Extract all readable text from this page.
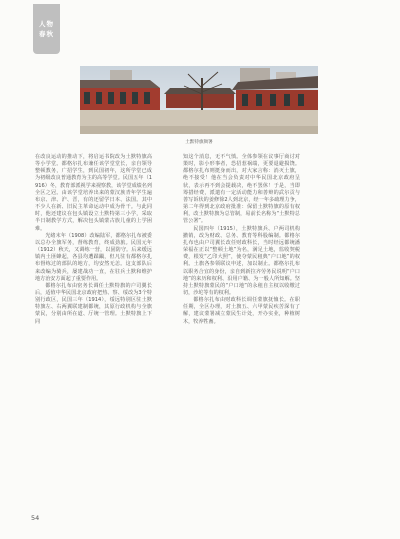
人物
春秋
土默特旗衙署

在改良运动的推动下，将启运书院改为土默特旗高等小学堂。都格尔扎布兼任该学堂堂长，亲自领导整顿教务，广招学生，到民国初年，这所学堂已成为初级改良普通教育为主的高等学堂。民国五年（1916）冬，教育部派视学来视察教，该学堂成绩名列全区之冠。由该学堂培养出来的蒙汉族青年学生遍布京、津、沪、晋，有的还留学日本、法国。其中不少人在新、旧民主革命运动中成为骨干。与此同时，他还建议在包头镇设立土默特第三小学，采取半日制教学方式，解决包头镇蒙古族儿童的上学困难。

光绪末年（1908）改编陆军，都格尔扎布被委以总办全旗军务，督练教育，终成劲旅。民国元年（1912）秋天，又调练一营，以固防守。后来缓远镇内土匪蜂起，各县均遭蹂躏，但凡驻有都格尔扎布督练过的部队的地方，均安然无恙。这支部队后来改编为骑兵，屡建战功一直，在驻兵土默和维护地方治安方面起了重要作用。

都格尔扎布由密务长调任土默特旗的户司翼长后，适值中华民国北京政府把热、察、绥改为3个特别行政区，民国三年（1914），绥远特别区驻土默特旗左、右两翼联建制都统，其原行政机构与全旗蒙民，分别由所在道、厅统一管理。土默特旗上下同

知这个消息，无不气愤。全体参领在议事厅商讨对策时，影小形事者，恐招惹祸端，更要退避损饶。都格尔扎布则挺身而出，对大家言称：消灭土旗，绝不接受！他在当会负责对中华民国北京政府呈状，表示再不到会提载决，绝不罢休！于是，当即筹措经费，派遣有一定活动能力和善辩的武尔贡与善写诉状的姜修徐2人到北京，经一年多疏理力争，第二年得到北京政府批准：保留土默特旗的原有权利，改土默特旗为总管制，易前长名称为“土默特总管公署”。

民国四年（1915），土默特旗兵、户两司机构撤销，改为财政、总务、教育等科股编制。都格尔扎布也由户司翼长改任财政科长，当时经远都统潘荣福在正以“整顿土地”为名，满足土地，监收契税费，根发“乙印大照”，使夺蒙民租典“户口地”的权利。土旗各参领联议申述，加以制止。都格尔扎布以职务合宜的身份，亲自到新拉齐劳务民说明“户口地”的来历和权利、沿用户籍、为一般人所知解。坚持土默特旗蒙民的“户口地”的永租自主权以收缴过切，沙坨等有的权利。

都格尔扎布由财政科长调任蒙旗抚恤长。在职任期，全区办理，对土旗五、六甲蒙民疾苦深有了解，建议蒙署减立蒙民生计处，开办实业，种植树木，牧养牲畜。

54
